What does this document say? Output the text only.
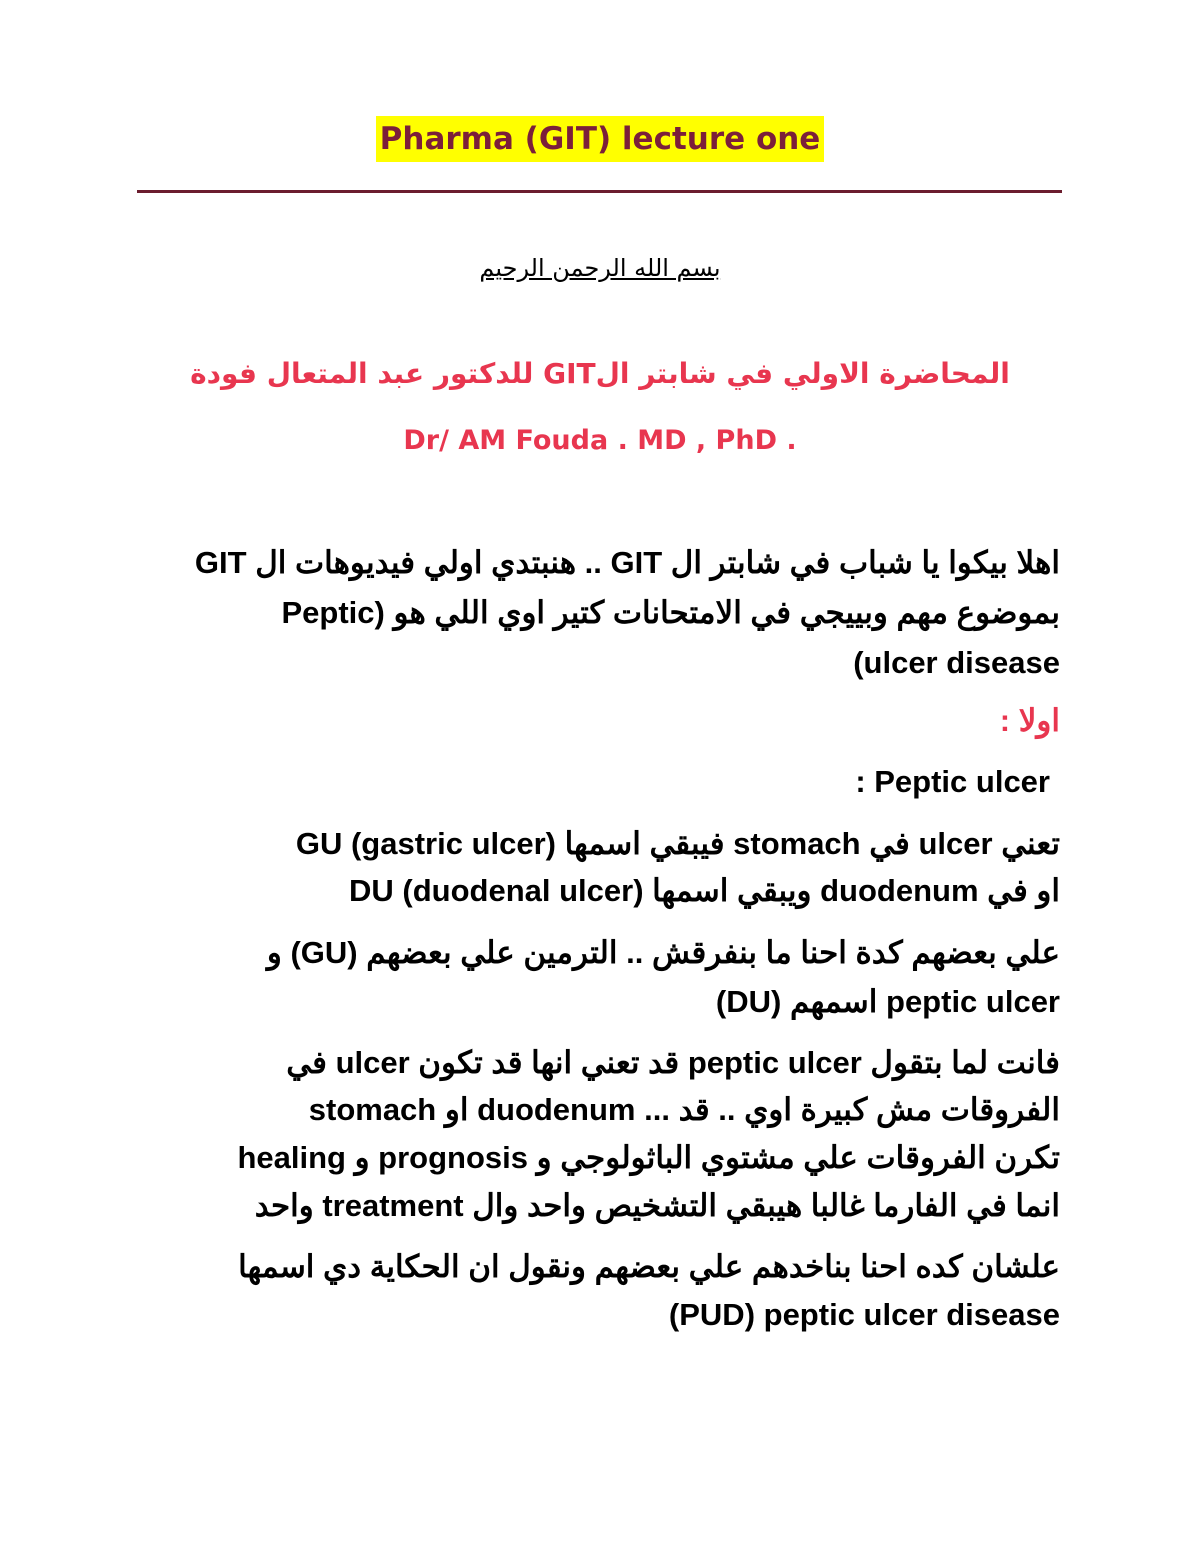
Pharma (GIT) lecture one
بسم الله الرحمن الرحيم
المحاضرة الاولي في شابتر الGIT للدكتور عبد المتعال فودة
Dr/ AM Fouda . MD , PhD .

اهلا بيكوا يا شباب في شابتر ال GIT .. هنبتدي اولي فيديوهات ال GIT

بموضوع مهم وبييجي في الامتحانات كتير اوي اللي هو (Peptic

(ulcer disease

اولا :

: Peptic ulcer

تعني ulcer في stomach فيبقي اسمها (gastric ulcer) GU

او في duodenum ويبقي اسمها (duodenal ulcer) DU

علي بعضهم كدة احنا ما بنفرقش .. الترمين علي بعضهم (GU) و

(DU) اسمهم peptic ulcer

فانت لما بتقول peptic ulcer قد تعني انها قد تكون ulcer في

stomach او duodenum ... الفروقات مش كبيرة اوي .. قد

تكرن الفروقات علي مشتوي الباثولوجي و prognosis و healing

انما في الفارما غالبا هيبقي التشخيص واحد وال treatment واحد

علشان كده احنا بناخدهم علي بعضهم ونقول ان الحكاية دي اسمها

(PUD) peptic ulcer disease
